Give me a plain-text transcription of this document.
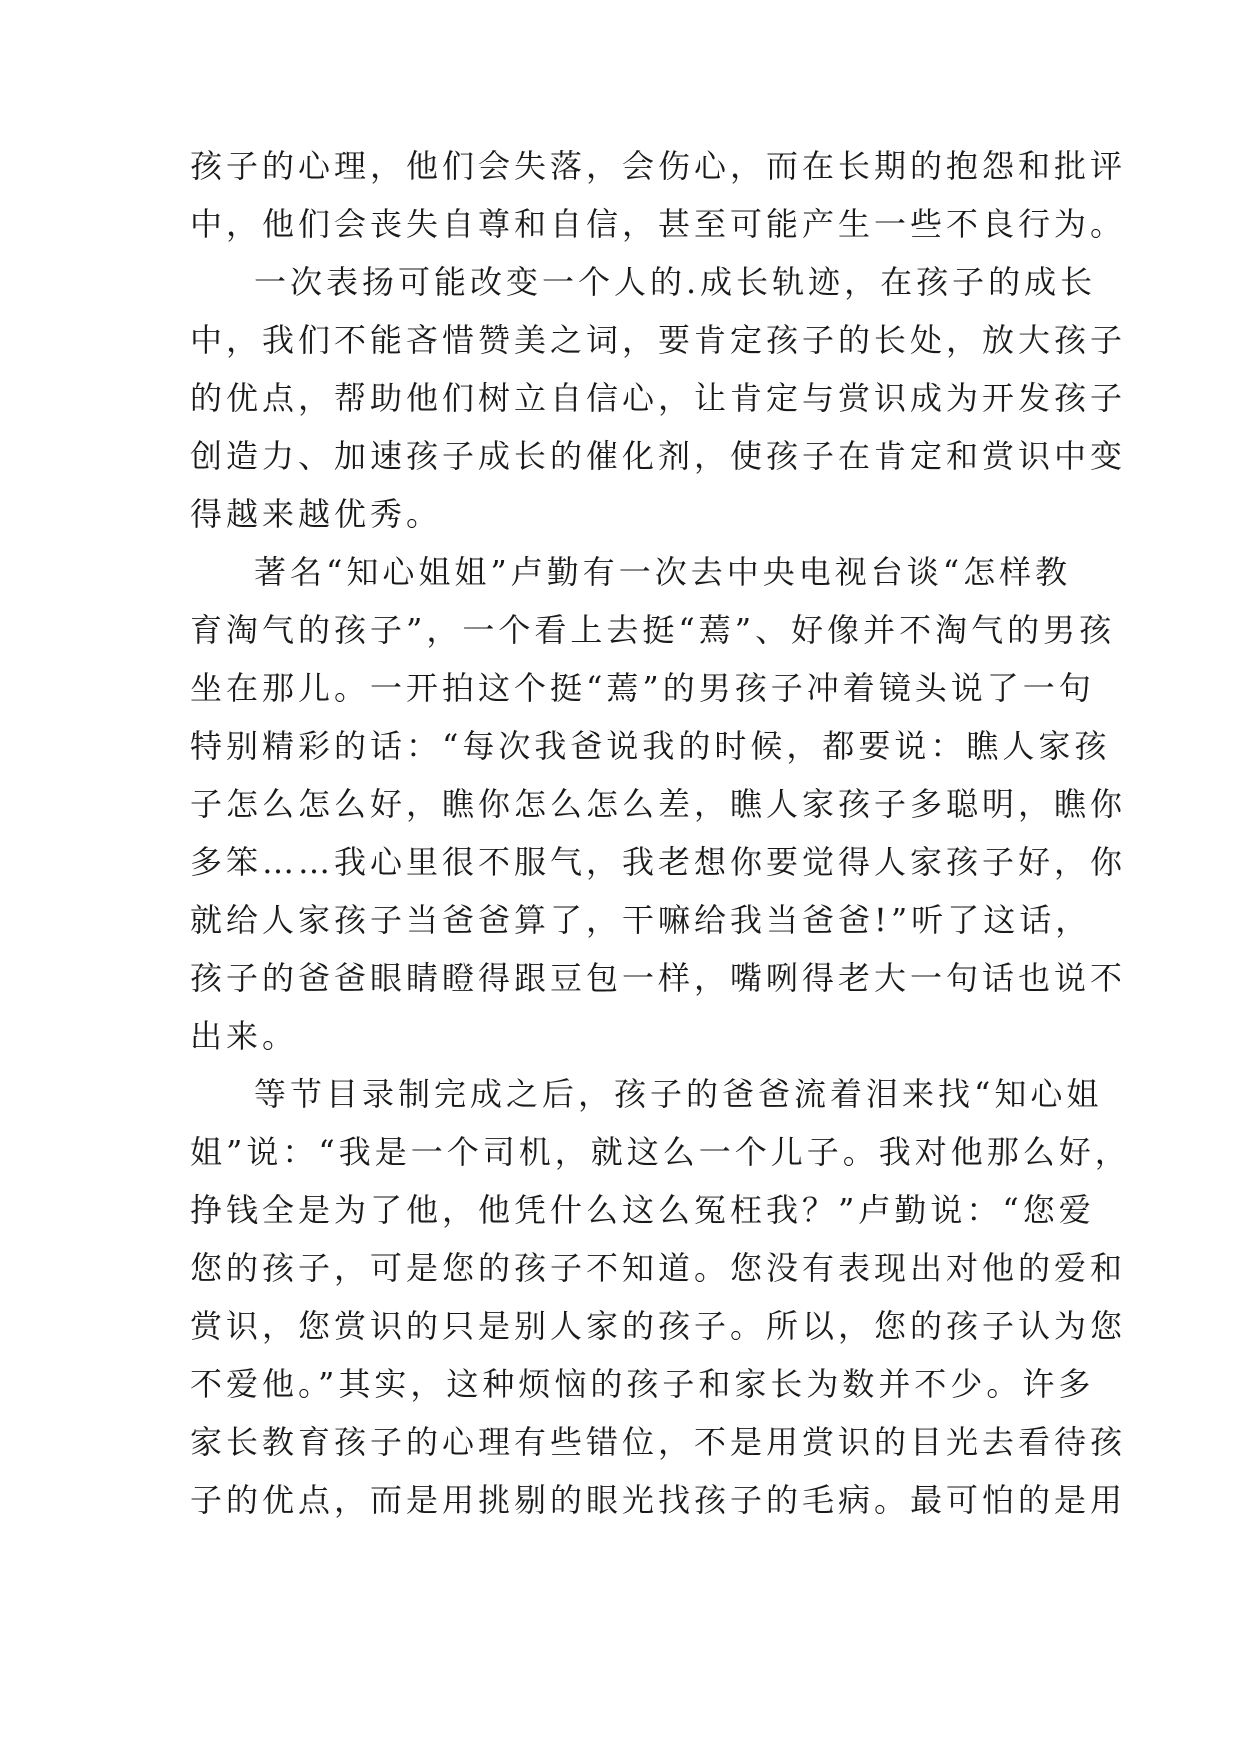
孩子的心理，他们会失落，会伤心，而在长期的抱怨和批评
中，他们会丧失自尊和自信，甚至可能产生一些不良行为。
一次表扬可能改变一个人的.成长轨迹，在孩子的成长
中，我们不能吝惜赞美之词，要肯定孩子的长处，放大孩子
的优点，帮助他们树立自信心，让肯定与赏识成为开发孩子
创造力、加速孩子成长的催化剂，使孩子在肯定和赏识中变
得越来越优秀。
著名“知心姐姐”卢勤有一次去中央电视台谈“怎样教
育淘气的孩子”，一个看上去挺“蔫”、好像并不淘气的男孩
坐在那儿。一开拍这个挺“蔫”的男孩子冲着镜头说了一句
特别精彩的话：“每次我爸说我的时候，都要说：瞧人家孩
子怎么怎么好，瞧你怎么怎么差，瞧人家孩子多聪明，瞧你
多笨……我心里很不服气，我老想你要觉得人家孩子好，你
就给人家孩子当爸爸算了，干嘛给我当爸爸!”听了这话，
孩子的爸爸眼睛瞪得跟豆包一样，嘴咧得老大一句话也说不
出来。
等节目录制完成之后，孩子的爸爸流着泪来找“知心姐
姐”说：“我是一个司机，就这么一个儿子。我对他那么好，
挣钱全是为了他，他凭什么这么冤枉我？”卢勤说：“您爱
您的孩子，可是您的孩子不知道。您没有表现出对他的爱和
赏识，您赏识的只是别人家的孩子。所以，您的孩子认为您
不爱他。”其实，这种烦恼的孩子和家长为数并不少。许多
家长教育孩子的心理有些错位，不是用赏识的目光去看待孩
子的优点，而是用挑剔的眼光找孩子的毛病。最可怕的是用
